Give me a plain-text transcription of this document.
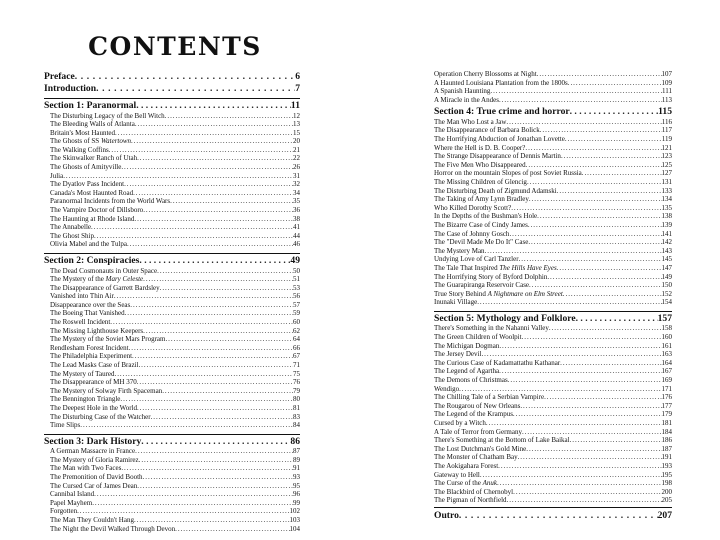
CONTENTS
Preface . . .	6
Introduction . . .	7
Section 1: Paranormal . . .	11
The Disturbing Legacy of the Bell Witch . . .	12
The Bleeding Walls of Atlanta . . .	13
Britain's Most Haunted . . .	15
The Ghosts of SS Watertown . . .	20
The Walking Coffins . . .	21
The Skinwalker Ranch of Utah . . .	22
The Ghosts of Amityville . . .	26
Julia . . .	31
The Dyatlov Pass Incident . . .	32
Canada's Most Haunted Road . . .	34
Paranormal Incidents from the World Wars . . .	35
The Vampire Doctor of Dillsboro . . .	36
The Haunting at Rhode Island . . .	38
The Annabelle . . .	41
The Ghost Ship . . .	44
Olivia Mabel and the Tulpa . . .	46
Section 2: Conspiracies . . .	49
The Dead Cosmonauts in Outer Space . . .	50
The Mystery of the Mary Celeste . . .	51
The Disappearance of Garrett Bardsley . . .	53
Vanished into Thin Air . . .	56
Disappearance over the Seas . . .	57
The Boeing That Vanished . . .	59
The Roswell Incident . . .	60
The Missing Lighthouse Keepers . . .	62
The Mystery of the Soviet Mars Program . . .	64
Rendlesham Forest Incident . . .	66
The Philadelphia Experiment . . .	67
The Lead Masks Case of Brazil . . .	71
The Mystery of Taured . . .	75
The Disappearance of MH 370 . . .	76
The Mystery of Solway Firth Spaceman . . .	79
The Bennington Triangle . . .	80
The Deepest Hole in the World . . .	81
The Disturbing Case of the Watcher . . .	83
Time Slips . . .	84
Section 3: Dark History . . .	86
A German Massacre in France . . .	87
The Mystery of Gloria Ramirez . . .	89
The Man with Two Faces . . .	91
The Premonition of David Booth . . .	93
The Cursed Car of James Dean . . .	95
Cannibal Island . . .	96
Papel Mayhem . . .	99
Forgotten . . .	102
The Man They Couldn't Hang . . .	103
The Night the Devil Walked Through Devon . . .	104
Operation Cherry Blossoms at Night . . .	107
A Haunted Louisiana Plantation from the 1800s . . .	109
A Spanish Haunting . . .	111
A Miracle in the Andes . . .	113
Section 4: True crime and horror . . .	115
The Man Who Lost a Jaw . . .	116
The Disappearance of Barbara Bolick . . .	117
The Horrifying Abduction of Jonathan Lovette . . .	119
Where the Hell is D. B. Cooper? . . .	121
The Strange Disappearance of Dennis Martin . . .	123
The Five Men Who Disappeared . . .	125
Horror on the mountain Slopes of post Soviet Russia . . .	127
The Missing Children of Glencig . . .	131
The Disturbing Death of Zigmund Adamski . . .	133
The Taking of Amy Lynn Bradley . . .	134
Who Killed Dorothy Scott? . . .	135
In the Depths of the Bushman's Hole . . .	138
The Bizarre Case of Cindy James . . .	139
The Case of Johnny Gosch . . .	141
The "Devil Made Me Do It" Case . . .	142
The Mystery Man . . .	143
Undying Love of Carl Tanzler . . .	145
The Tale That Inspired The Hills Have Eyes . . .	147
The Horrifying Story of Byford Dolphin . . .	149
The Guarapiranga Reservoir Case . . .	150
True Story Behind A Nightmare on Elm Street . . .	152
Inunaki Village . . .	154
Section 5: Mythology and Folklore . . .	157
There's Something in the Nahanni Valley . . .	158
The Green Children of Woolpit . . .	160
The Michigan Dogman . . .	161
The Jersey Devil . . .	163
The Curious Case of Kadamattathu Kathanar . . .	164
The Legend of Agartha . . .	167
The Demons of Christmas . . .	169
Wendigo . . .	171
The Chilling Tale of a Serbian Vampire . . .	176
The Rougarou of New Orleans . . .	177
The Legend of the Krampus . . .	179
Cursed by a Witch . . .	181
A Tale of Terror from Germany . . .	184
There's Something at the Bottom of Lake Baikal . . .	186
The Lost Dutchman's Gold Mine . . .	187
The Monster of Chatham Bay . . .	191
The Aokigahara Forest . . .	193
Gateway to Hell . . .	195
The Curse of the Anuk . . .	198
The Blackbird of Chernobyl . . .	200
The Pigman of Northfield . . .	205
Outro . . .	207
